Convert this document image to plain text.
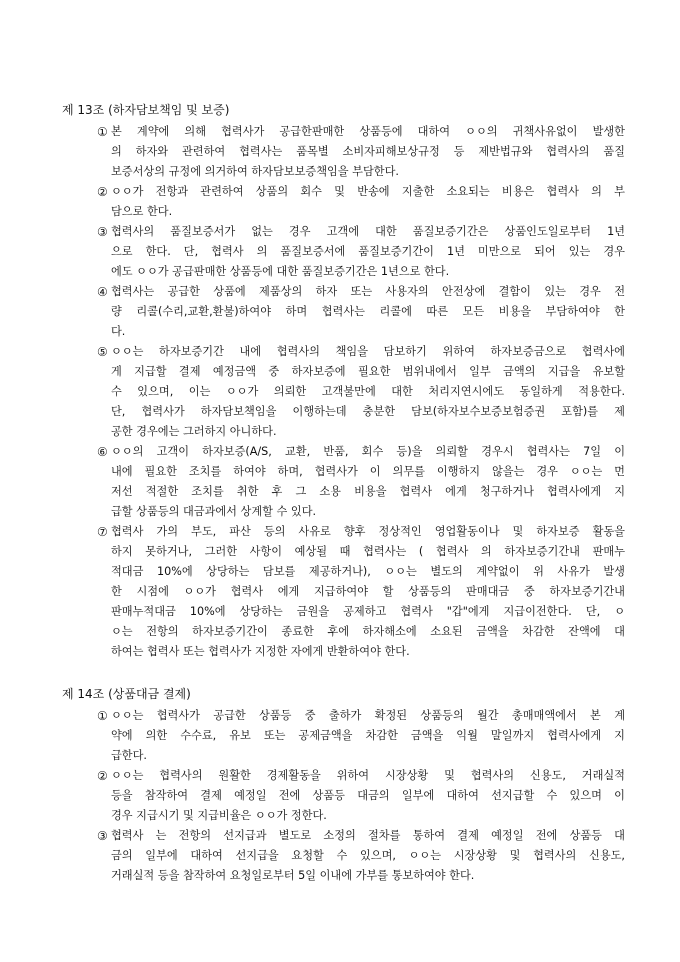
제 13조 (하자담보책임 및 보증)
① 본 계약에 의해 협력사가 공급한판매한 상품등에 대하여 ㅇㅇ의 귀책사유없이 발생한
의 하자와 관련하여 협력사는 품목별 소비자피해보상규정 등 제반법규와 협력사의 품질
보증서상의 규정에 의거하여 하자담보보증책임을 부담한다.
② ㅇㅇ가 전항과 관련하여 상품의 회수 및 반송에 지출한 소요되는 비용은 협력사 의 부
담으로 한다.
③ 협력사의 품질보증서가 없는 경우 고객에 대한 품질보증기간은 상품인도일로부터 1년
으로 한다. 단, 협력사 의 품질보증서에 품질보증기간이 1년 미만으로 되어 있는 경우
에도 ㅇㅇ가 공급판매한 상품등에 대한 품질보증기간은 1년으로 한다.
④ 협력사는 공급한 상품에 제품상의 하자 또는 사용자의 안전상에 결함이 있는 경우 전
량 리콜(수리,교환,환불)하여야 하며 협력사는 리콜에 따른 모든 비용을 부담하여야 한
다.
⑤ ㅇㅇ는 하자보증기간 내에 협력사의 책임을 담보하기 위하여 하자보증금으로 협력사에
게 지급할 결제 예정금액 중 하자보증에 필요한 범위내에서 일부 금액의 지급을 유보할
수 있으며, 이는 ㅇㅇ가 의뢰한 고객불만에 대한 처리지연시에도 동일하게 적용한다.
단, 협력사가 하자담보책임을 이행하는데 충분한 담보(하자보수보증보험증권 포함)를 제
공한 경우에는 그러하지 아니하다.
⑥ ㅇㅇ의 고객이 하자보증(A/S, 교환, 반품, 회수 등)을 의뢰할 경우시 협력사는 7일 이
내에 필요한 조치를 하여야 하며, 협력사가 이 의무를 이행하지 않을는 경우 ㅇㅇ는 먼
저선 적절한 조치를 취한 후 그 소용 비용을 협력사 에게 청구하거나 협력사에게 지
급할 상품등의 대금과에서 상계할 수 있다.
⑦ 협력사 가의 부도, 파산 등의 사유로 향후 정상적인 영업활동이나 및 하자보증 활동을
하지 못하거나, 그러한 사항이 예상될 때 협력사는 ( 협력사 의 하자보증기간내 판매누
적대금 10%에 상당하는 담보를 제공하거나), ㅇㅇ는 별도의 계약없이 위 사유가 발생
한 시점에 ㅇㅇ가 협력사 에게 지급하여야 할 상품등의 판매대금 중 하자보증기간내
판매누적대금 10%에 상당하는 금원을 공제하고 협력사 "갑"에게 지급이전한다. 단, ㅇ
ㅇ는 전항의 하자보증기간이 종료한 후에 하자해소에 소요된 금액을 차감한 잔액에 대
하여는 협력사 또는 협력사가 지정한 자에게 반환하여야 한다.
제 14조 (상품대금 결제)
① ㅇㅇ는 협력사가 공급한 상품등 중 출하가 확정된 상품등의 월간 총매매액에서 본 계
약에 의한 수수료, 유보 또는 공제금액을 차감한 금액을 익월 말일까지 협력사에게 지
급한다.
② ㅇㅇ는 협력사의 원활한 경제활동을 위하여 시장상황 및 협력사의 신용도, 거래실적
등을 참작하여 결제 예정일 전에 상품등 대금의 일부에 대하여 선지급할 수 있으며 이
경우 지급시기 및 지급비율은 ㅇㅇ가 정한다.
③ 협력사 는 전항의 선지급과 별도로 소정의 절차를 통하여 결제 예정일 전에 상품등 대
금의 일부에 대하여 선지급을 요청할 수 있으며, ㅇㅇ는 시장상황 및 협력사의 신용도,
거래실적 등을 참작하여 요청일로부터 5일 이내에 가부를 통보하여야 한다.
